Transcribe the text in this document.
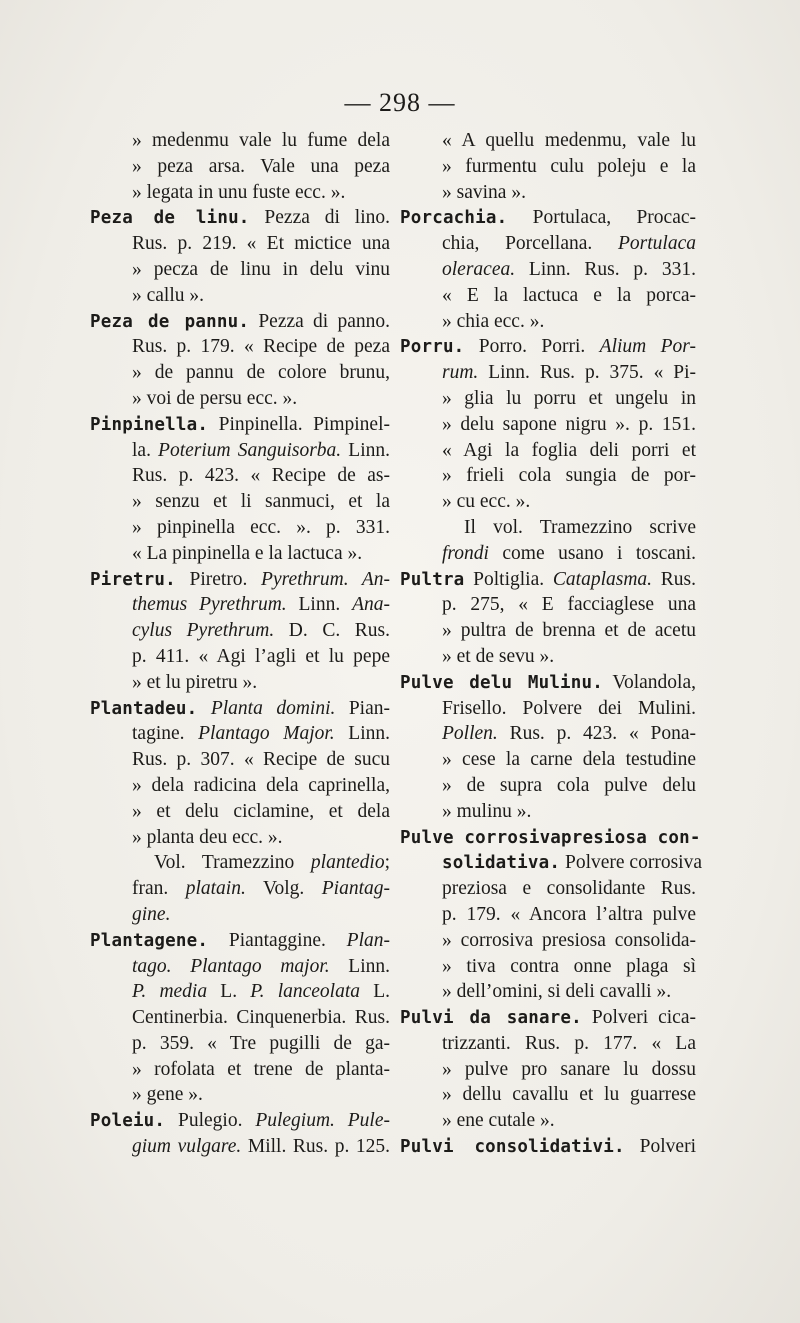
— 298 —
» medenmu vale lu fume dela
» peza arsa. Vale una peza
» legata in unu fuste ecc. ».
Peza de linu. Pezza di lino.
Rus. p. 219. « Et mictice una
» pecza de linu in delu vinu
» callu ».
Peza de pannu. Pezza di panno.
Rus. p. 179. « Recipe de peza
» de pannu de colore brunu,
» voi de persu ecc. ».
Pinpinella. Pinpinella. Pimpinel-
la. Poterium Sanguisorba. Linn.
Rus. p. 423. « Recipe de as-
» senzu et li sanmuci, et la
» pinpinella ecc. ». p. 331.
« La pinpinella e la lactuca ».
Piretru. Piretro. Pyrethrum. An-
themus Pyrethrum. Linn. Ana-
cylus Pyrethrum. D. C. Rus.
p. 411. « Agi l’agli et lu pepe
» et lu piretru ».
Plantadeu. Planta domini. Pian-
tagine. Plantago Major. Linn.
Rus. p. 307. « Recipe de sucu
» dela radicina dela caprinella,
» et delu ciclamine, et dela
» planta deu ecc. ».
Vol. Tramezzino plantedio;
fran. platain. Volg. Piantag-
gine.
Plantagene. Piantaggine. Plan-
tago. Plantago major. Linn.
P. media L. P. lanceolata L.
Centinerbia. Cinquenerbia. Rus.
p. 359. « Tre pugilli de ga-
» rofolata et trene de planta-
» gene ».
Poleiu. Pulegio. Pulegium. Pule-
gium vulgare. Mill. Rus. p. 125.
« A quellu medenmu, vale lu
» furmentu culu poleju e la
» savina ».
Porcachia. Portulaca, Procac-
chia, Porcellana. Portulaca
oleracea. Linn. Rus. p. 331.
« E la lactuca e la porca-
» chia ecc. ».
Porru. Porro. Porri. Alium Por-
rum. Linn. Rus. p. 375. « Pi-
» glia lu porru et ungelu in
» delu sapone nigru ». p. 151.
« Agi la foglia deli porri et
» frieli cola sungia de por-
» cu ecc. ».
Il vol. Tramezzino scrive
frondi come usano i toscani.
Pultra Poltiglia. Cataplasma. Rus.
p. 275, « E facciaglese una
» pultra de brenna et de acetu
» et de sevu ».
Pulve delu Mulinu. Volandola,
Frisello. Polvere dei Mulini.
Pollen. Rus. p. 423. « Pona-
» cese la carne dela testudine
» de supra cola pulve delu
» mulinu ».
Pulve corrosivapresiosa con-
solidativa. Polvere corrosiva
preziosa e consolidante Rus.
p. 179. « Ancora l’altra pulve
» corrosiva presiosa consolida-
» tiva contra onne plaga sì
» dell’omini, si deli cavalli ».
Pulvi da sanare. Polveri cica-
trizzanti. Rus. p. 177. « La
» pulve pro sanare lu dossu
» dellu cavallu et lu guarrese
» ene cutale ».
Pulvi consolidativi. Polveri
